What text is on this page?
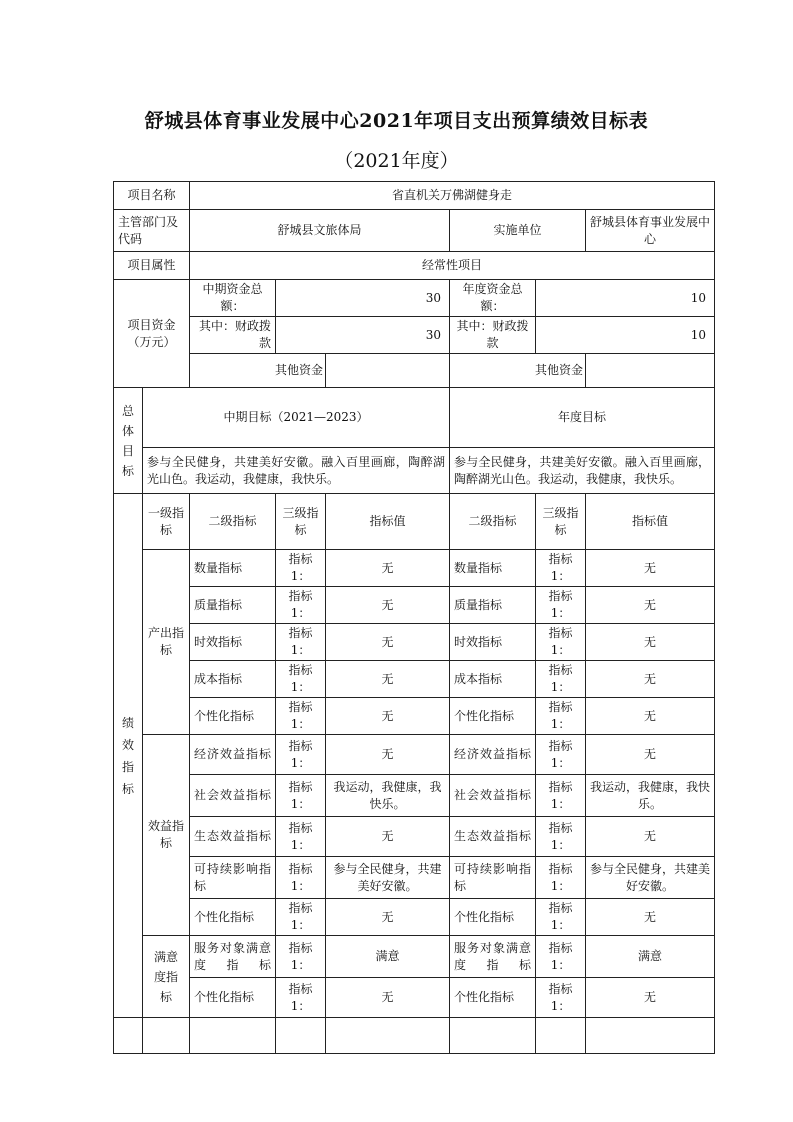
舒城县体育事业发展中心2021年项目支出预算绩效目标表
（2021年度）
项目名称		省直机关万佛湖健身走					
主管部门及代码		舒城县文旅体局			实施单位		舒城县体育事业发展中心
项目属性		经常性项目					
项目资金（万元）		中期资金总额：	30		年度资金总额：	10	
		其中：财政拨款	30		其中：财政拨款	10	
		其他资金			其他资金		
总体目标	中期目标（2021—2023）				年度目标		
	参与全民健身，共建美好安徽。融入百里画廊，陶醉湖光山色。我运动，我健康，我快乐。				参与全民健身，共建美好安徽。融入百里画廊，陶醉湖光山色。我运动，我健康，我快乐。		
绩效指标	一级指标	二级指标	三级指标	指标值	二级指标	三级指标	指标值
	产出指标	数量指标	指标1：	无	数量指标	指标1：	无
		质量指标	指标1：	无	质量指标	指标1：	无
		时效指标	指标1：	无	时效指标	指标1：	无
		成本指标	指标1：	无	成本指标	指标1：	无
		个性化指标	指标1：	无	个性化指标	指标1：	无
	效益指标	经济效益指标	指标1：	无	经济效益指标	指标1：	无
		社会效益指标	指标1：	我运动，我健康，我快乐。	社会效益指标	指标1：	我运动，我健康，我快乐。
		生态效益指标	指标1：	无	生态效益指标	指标1：	无
		可持续影响指标	指标1：	参与全民健身，共建美好安徽。	可持续影响指标	指标1：	参与全民健身，共建美好安徽。
		个性化指标	指标1：	无	个性化指标	指标1：	无
	满意度指标	服务对象满意度指标	指标1：	满意	服务对象满意度指标	指标1：	满意
		个性化指标	指标1：	无	个性化指标	指标1：	无
